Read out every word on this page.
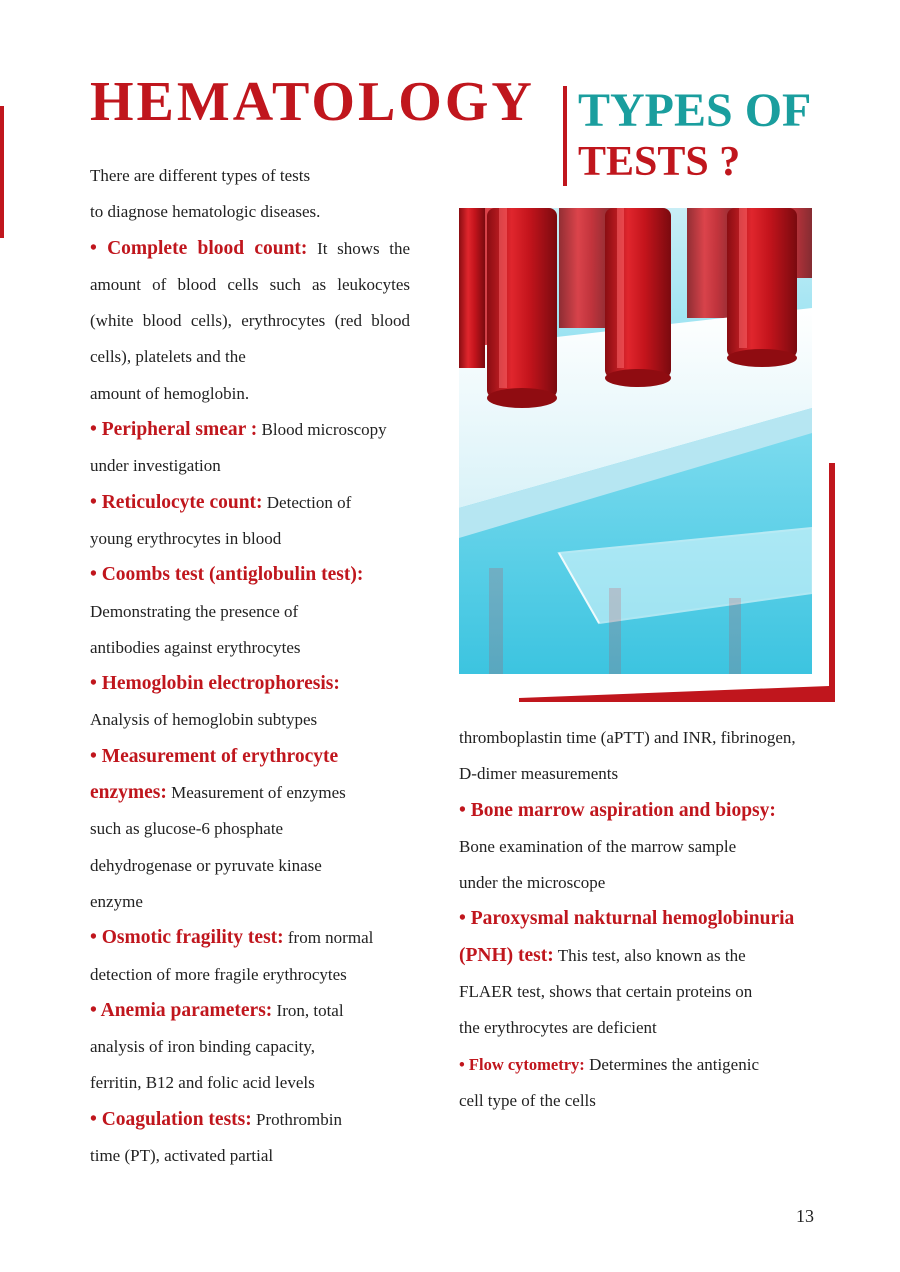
HEMATOLOGY TYPES OF
TESTS ?
There are different types of tests
to diagnose hematologic diseases.
• Complete blood count: It shows the
amount of blood cells such as leukocytes
(white blood cells), erythrocytes (red blood
cells), platelets and the
amount of hemoglobin.
• Peripheral smear : Blood microscopy
under investigation
• Reticulocyte count: Detection of
young erythrocytes in blood
• Coombs test (antiglobulin test):
Demonstrating the presence of
antibodies against erythrocytes
• Hemoglobin electrophoresis:
Analysis of hemoglobin subtypes
• Measurement of erythrocyte
enzymes: Measurement of enzymes
such as glucose-6 phosphate
dehydrogenase or pyruvate kinase
enzyme
• Osmotic fragility test: from normal
detection of more fragile erythrocytes
• Anemia parameters: Iron, total
analysis of iron binding capacity,
ferritin, B12 and folic acid levels
• Coagulation tests: Prothrombin
time (PT), activated partial
thromboplastin time (aPTT) and INR, fibrinogen,
D-dimer measurements
• Bone marrow aspiration and biopsy:
Bone examination of the marrow sample
under the microscope
• Paroxysmal nakturnal hemoglobinuria
(PNH) test: This test, also known as the
FLAER test, shows that certain proteins on
the erythrocytes are deficient
• Flow cytometry: Determines the antigenic
cell type of the cells
13
